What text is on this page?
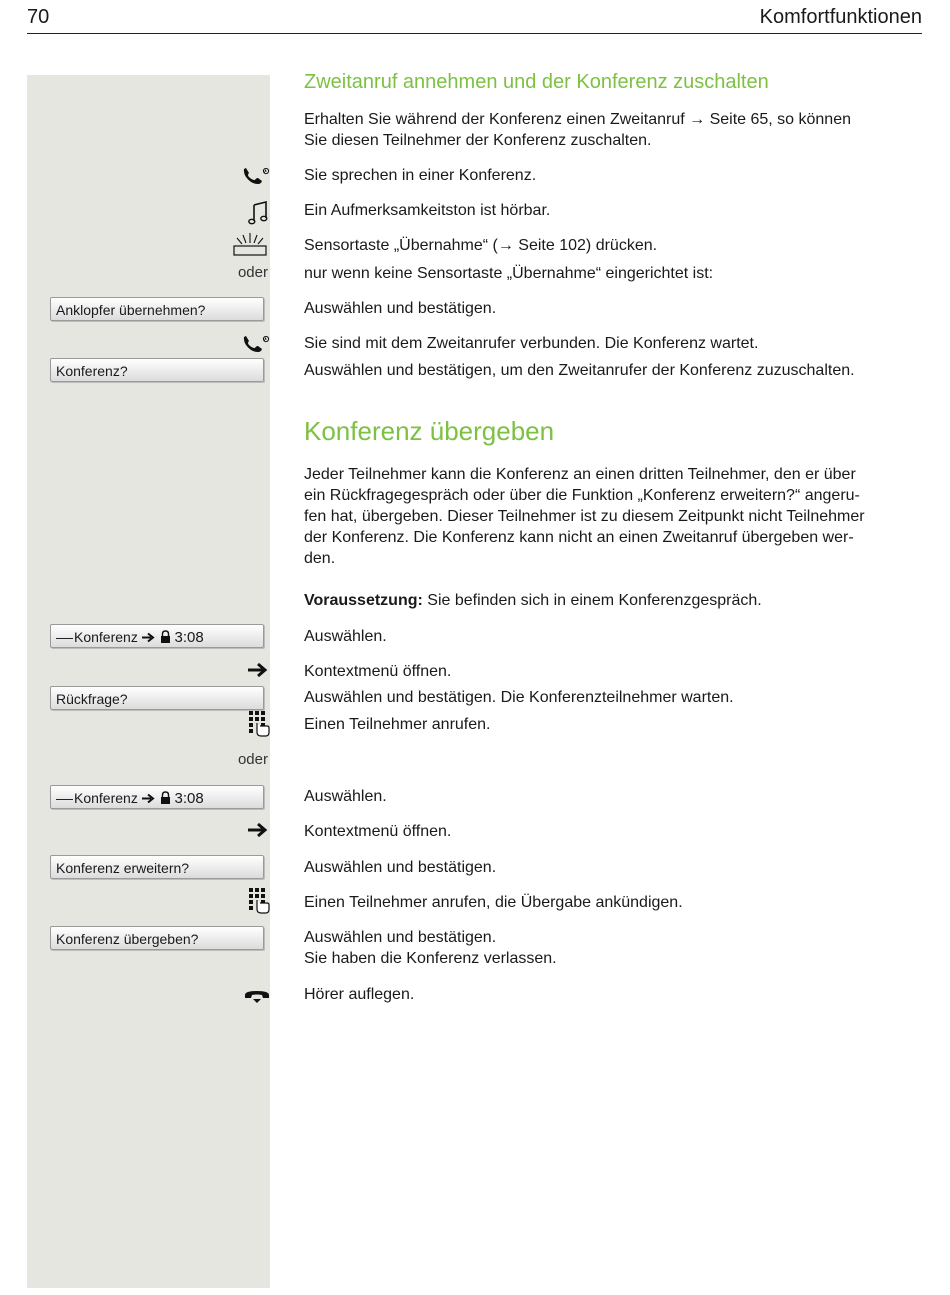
70	Komfortfunktionen
Zweitanruf annehmen und der Konferenz zuschalten
Erhalten Sie während der Konferenz einen Zweitanruf → Seite 65, so können
Sie diesen Teilnehmer der Konferenz zuschalten.
Sie sprechen in einer Konferenz.
Ein Aufmerksamkeitston ist hörbar.
Sensortaste „Übernahme“ (→ Seite 102) drücken.
oder nur wenn keine Sensortaste „Übernahme“ eingerichtet ist:
Anklopfer übernehmen?	Auswählen und bestätigen.
Sie sind mit dem Zweitanrufer verbunden. Die Konferenz wartet.
Konferenz?	Auswählen und bestätigen, um den Zweitanrufer der Konferenz zuzuschalten.
Konferenz übergeben
Jeder Teilnehmer kann die Konferenz an einen dritten Teilnehmer, den er über
ein Rückfragegespräch oder über die Funktion „Konferenz erweitern?“ angeru-
fen hat, übergeben. Dieser Teilnehmer ist zu diesem Zeitpunkt nicht Teilnehmer
der Konferenz. Die Konferenz kann nicht an einen Zweitanruf übergeben wer-
den.
Voraussetzung: Sie befinden sich in einem Konferenzgespräch.
Konferenz 3:08	Auswählen.
Kontextmenü öffnen.
Rückfrage?	Auswählen und bestätigen. Die Konferenzteilnehmer warten.
Einen Teilnehmer anrufen.
oder
Konferenz 3:08	Auswählen.
Kontextmenü öffnen.
Konferenz erweitern?	Auswählen und bestätigen.
Einen Teilnehmer anrufen, die Übergabe ankündigen.
Konferenz übergeben?	Auswählen und bestätigen.
Sie haben die Konferenz verlassen.
Hörer auflegen.
